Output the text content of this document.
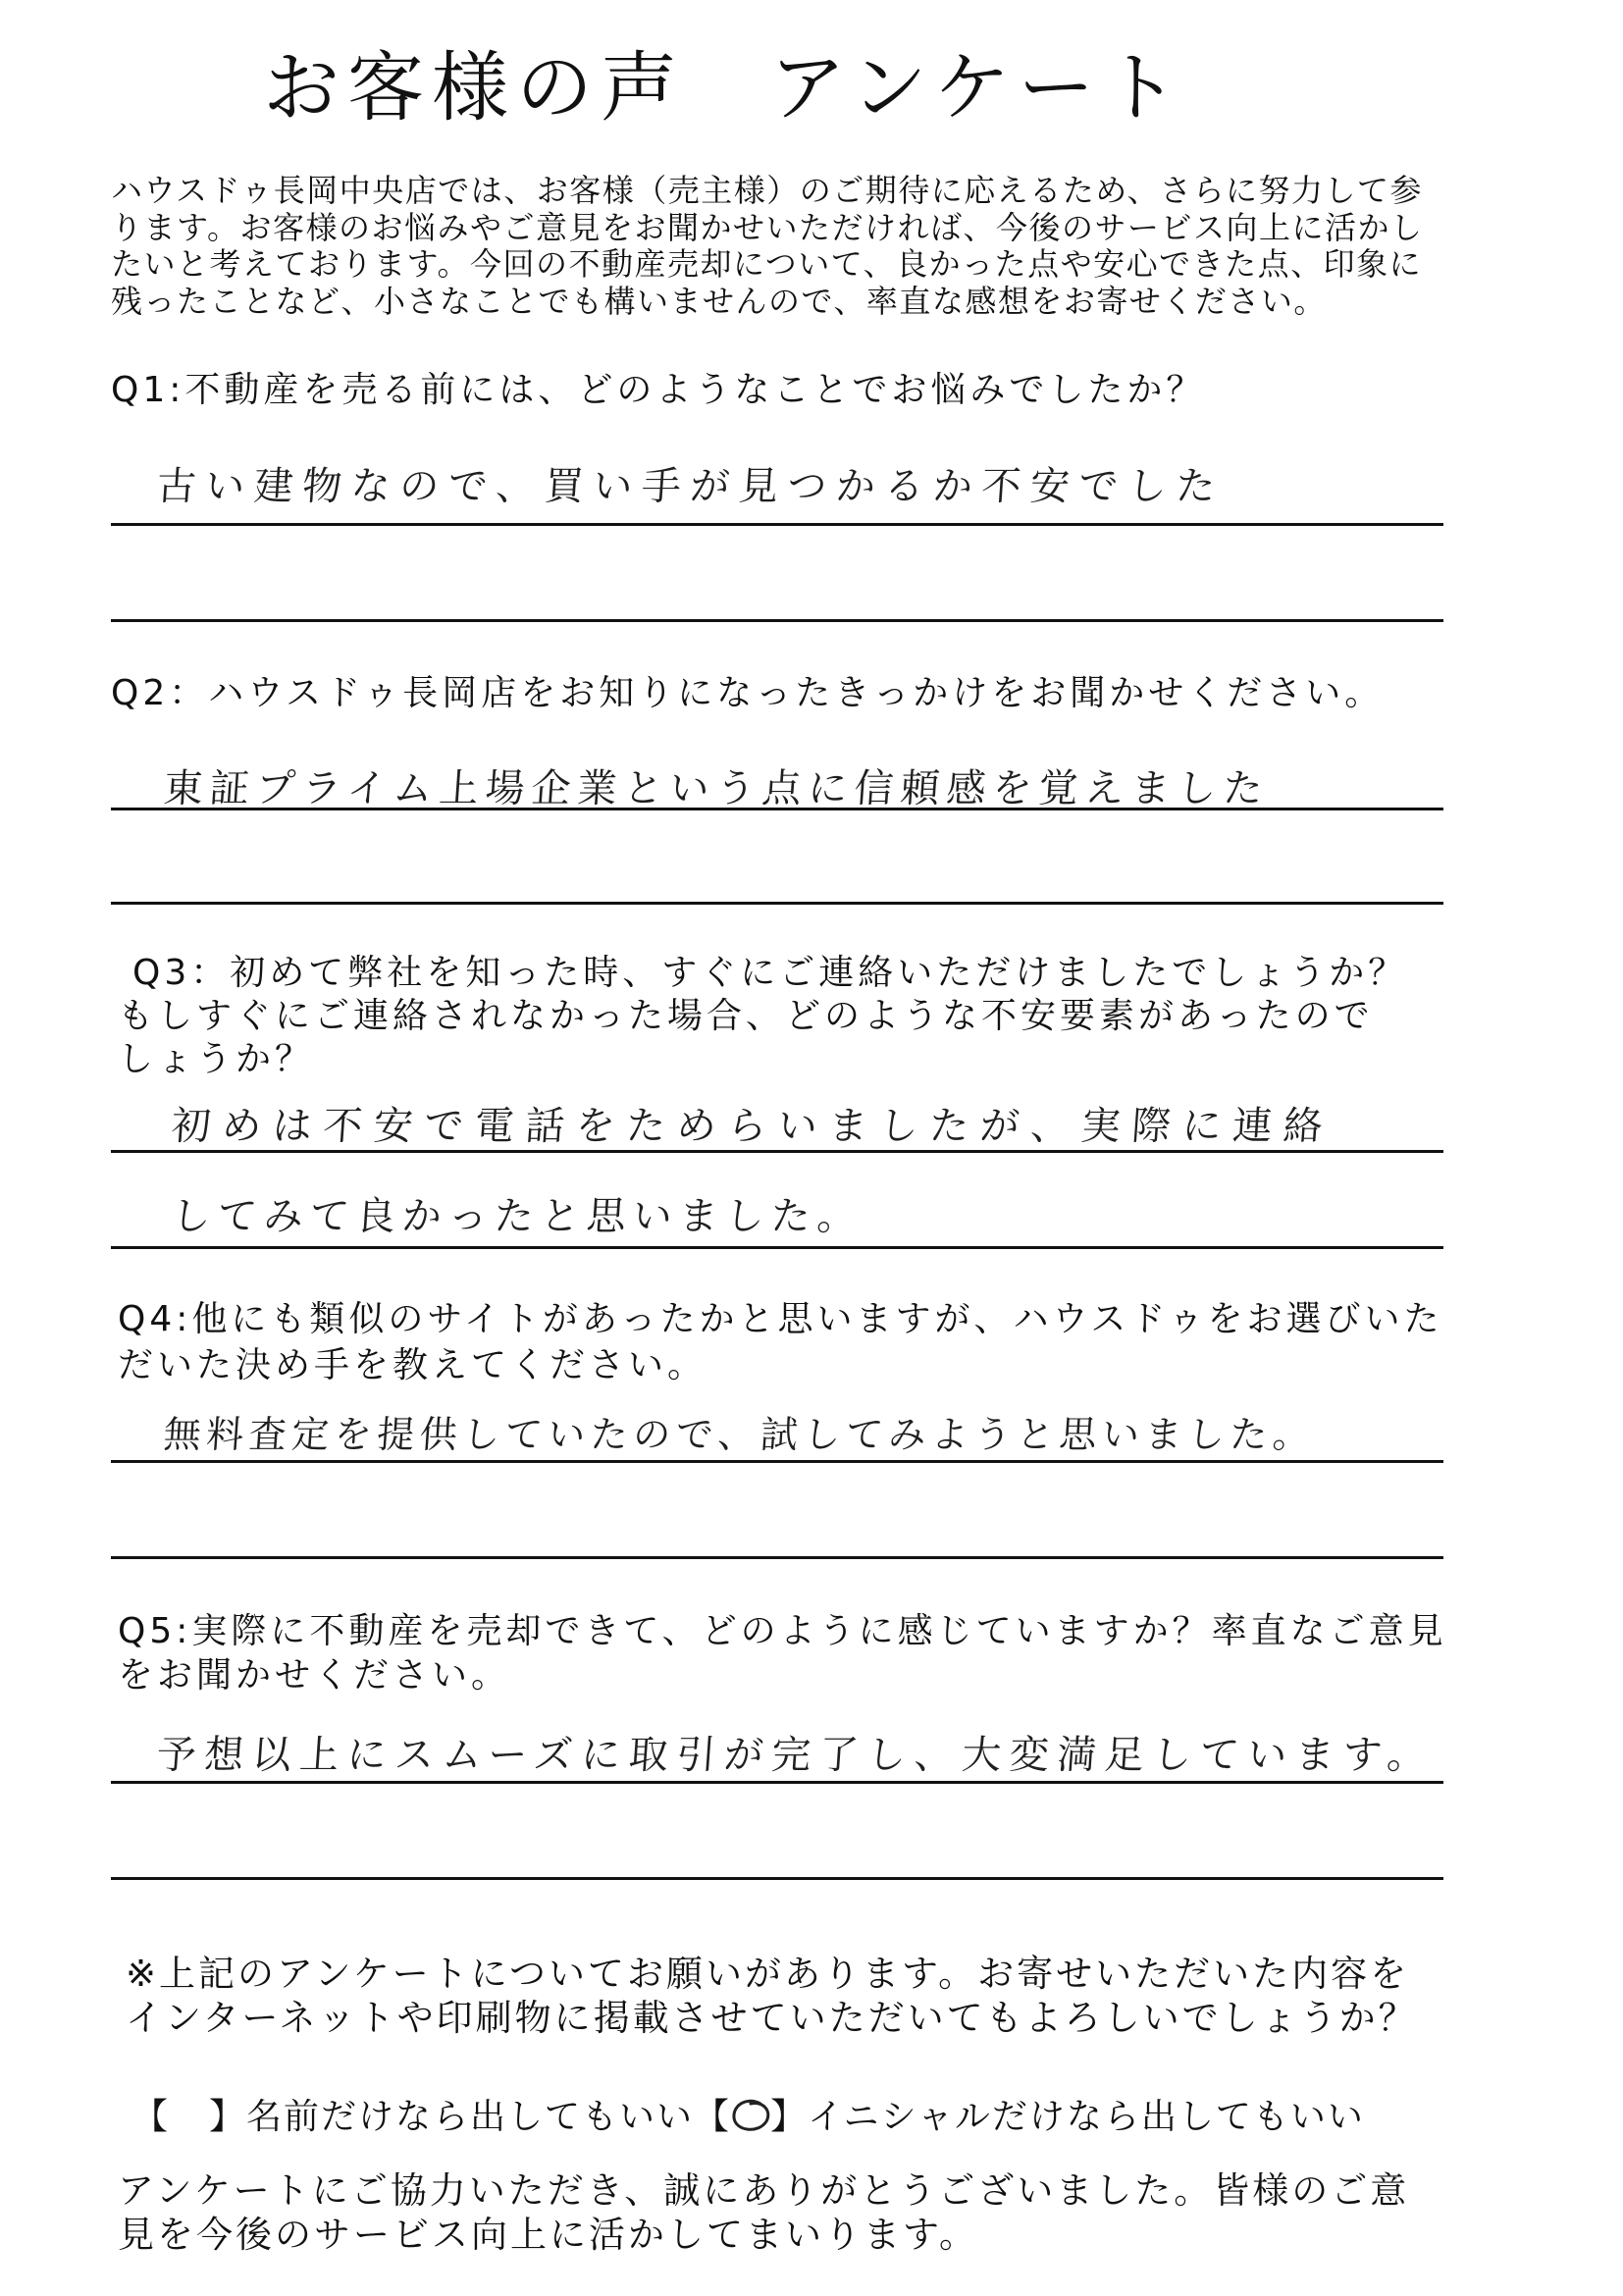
お客様の声　アンケート
ハウスドゥ長岡中央店では、お客様（売主様）のご期待に応えるため、さらに努力して参
ります。お客様のお悩みやご意見をお聞かせいただければ、今後のサービス向上に活かし
たいと考えております。今回の不動産売却について、良かった点や安心できた点、印象に
残ったことなど、小さなことでも構いませんので、率直な感想をお寄せください。
Q1:不動産を売る前には、どのようなことでお悩みでしたか？
古い建物なので、買い手が見つかるか不安でした
Q2：ハウスドゥ長岡店をお知りになったきっかけをお聞かせください。
東証プライム上場企業という点に信頼感を覚えました
Q3：初めて弊社を知った時、すぐにご連絡いただけましたでしょうか？
もしすぐにご連絡されなかった場合、どのような不安要素があったので
しょうか？
初めは不安で電話をためらいましたが、実際に連絡
してみて良かったと思いました。
Q4:他にも類似のサイトがあったかと思いますが、ハウスドゥをお選びいた
だいた決め手を教えてください。
無料査定を提供していたので、試してみようと思いました。
Q5:実際に不動産を売却できて、どのように感じていますか？率直なご意見
をお聞かせください。
予想以上にスムーズに取引が完了し、大変満足しています。
※上記のアンケートについてお願いがあります。お寄せいただいた内容を
インターネットや印刷物に掲載させていただいてもよろしいでしょうか？
【 】名前だけなら出してもいい【 】イニシャルだけなら出してもいい
アンケートにご協力いただき、誠にありがとうございました。皆様のご意
見を今後のサービス向上に活かしてまいります。
